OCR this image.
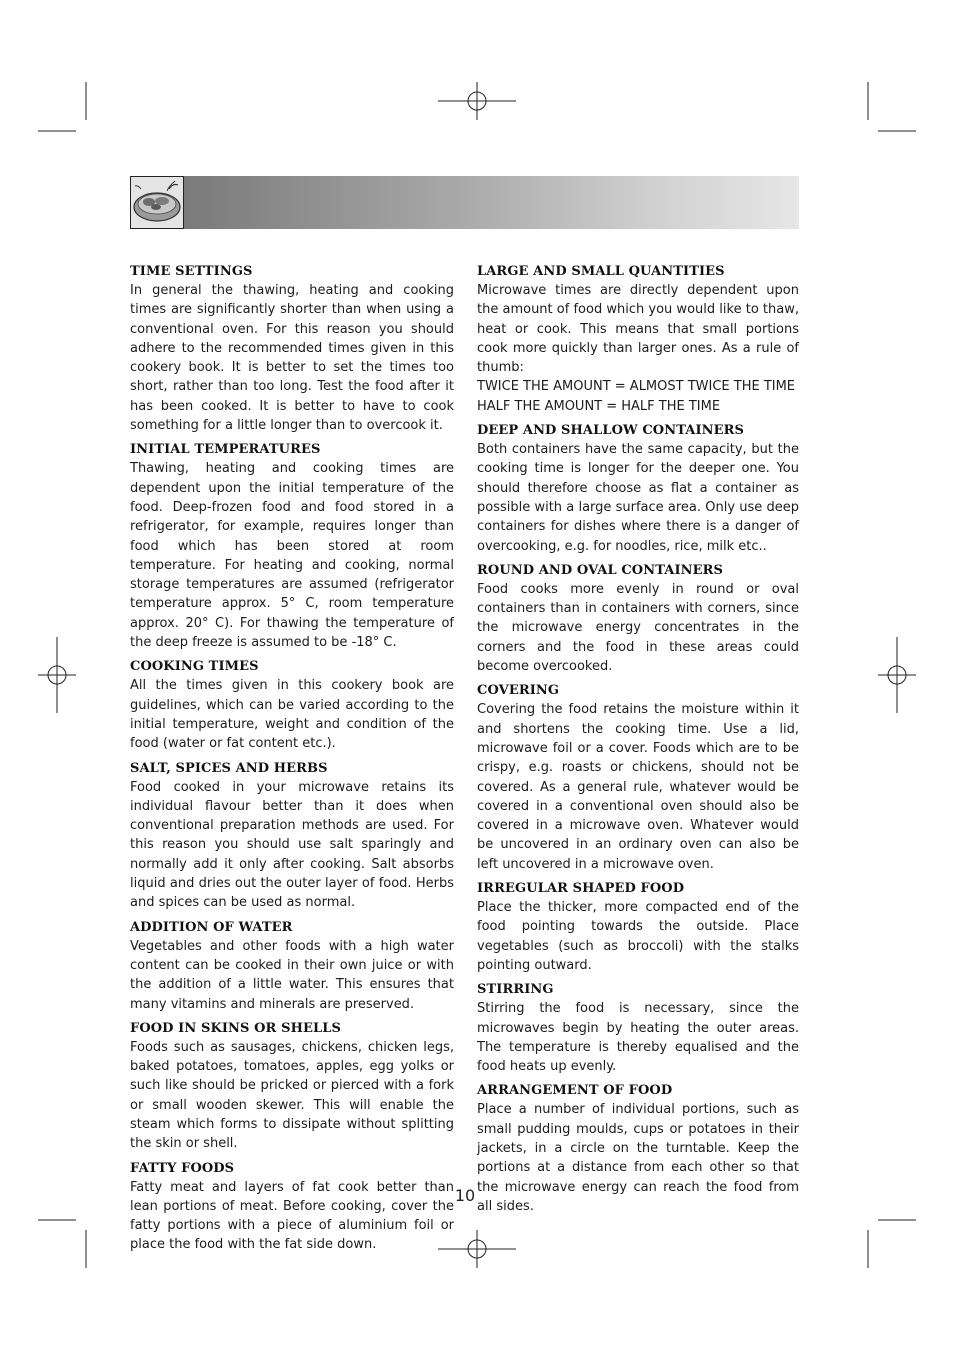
TIME SETTINGS

In general the thawing, heating and cooking times are significantly shorter than when using a conventional oven. For this reason you should adhere to the recommended times given in this cookery book. It is better to set the times too short, rather than too long. Test the food after it has been cooked. It is better to have to cook something for a little longer than to overcook it.

INITIAL TEMPERATURES

Thawing, heating and cooking times are dependent upon the initial temperature of the food. Deep-frozen food and food stored in a refrigerator, for example, requires longer than food which has been stored at room temperature. For heating and cooking, normal storage temperatures are assumed (refrigerator temperature approx. 5° C, room temperature approx. 20° C). For thawing the temperature of the deep freeze is assumed to be -18° C.

COOKING TIMES

All the times given in this cookery book are guidelines, which can be varied according to the initial temperature, weight and condition of the food (water or fat content etc.).

SALT, SPICES AND HERBS

Food cooked in your microwave retains its individual flavour better than it does when conventional preparation methods are used. For this reason you should use salt sparingly and normally add it only after cooking. Salt absorbs liquid and dries out the outer layer of food. Herbs and spices can be used as normal.

ADDITION OF WATER

Vegetables and other foods with a high water content can be cooked in their own juice or with the addition of a little water. This ensures that many vitamins and minerals are preserved.

FOOD IN SKINS OR SHELLS

Foods such as sausages, chickens, chicken legs, baked potatoes, tomatoes, apples, egg yolks or such like should be pricked or pierced with a fork or small wooden skewer. This will enable the steam which forms to dissipate without splitting the skin or shell.

FATTY FOODS

Fatty meat and layers of fat cook better than lean portions of meat. Before cooking, cover the fatty portions with a piece of aluminium foil or place the food with the fat side down.

LARGE AND SMALL QUANTITIES

Microwave times are directly dependent upon the amount of food which you would like to thaw, heat or cook. This means that small portions cook more quickly than larger ones. As a rule of thumb:

TWICE THE AMOUNT = ALMOST TWICE THE TIME

HALF THE AMOUNT = HALF THE TIME

DEEP AND SHALLOW CONTAINERS

Both containers have the same capacity, but the cooking time is longer for the deeper one. You should therefore choose as flat a container as possible with a large surface area. Only use deep containers for dishes where there is a danger of overcooking, e.g. for noodles, rice, milk etc..

ROUND AND OVAL CONTAINERS

Food cooks more evenly in round or oval containers than in containers with corners, since the microwave energy concentrates in the corners and the food in these areas could become overcooked.

COVERING

Covering the food retains the moisture within it and shortens the cooking time. Use a lid, microwave foil or a cover. Foods which are to be crispy, e.g. roasts or chickens, should not be covered. As a general rule, whatever would be covered in a conventional oven should also be covered in a microwave oven. Whatever would be uncovered in an ordinary oven can also be left uncovered in a microwave oven.

IRREGULAR SHAPED FOOD

Place the thicker, more compacted end of the food pointing towards the outside. Place vegetables (such as broccoli) with the stalks pointing outward.

STIRRING

Stirring the food is necessary, since the microwaves begin by heating the outer areas. The temperature is thereby equalised and the food heats up evenly.

ARRANGEMENT OF FOOD

Place a number of individual portions, such as small pudding moulds, cups or potatoes in their jackets, in a circle on the turntable. Keep the portions at a distance from each other so that the microwave energy can reach the food from all sides.

10
